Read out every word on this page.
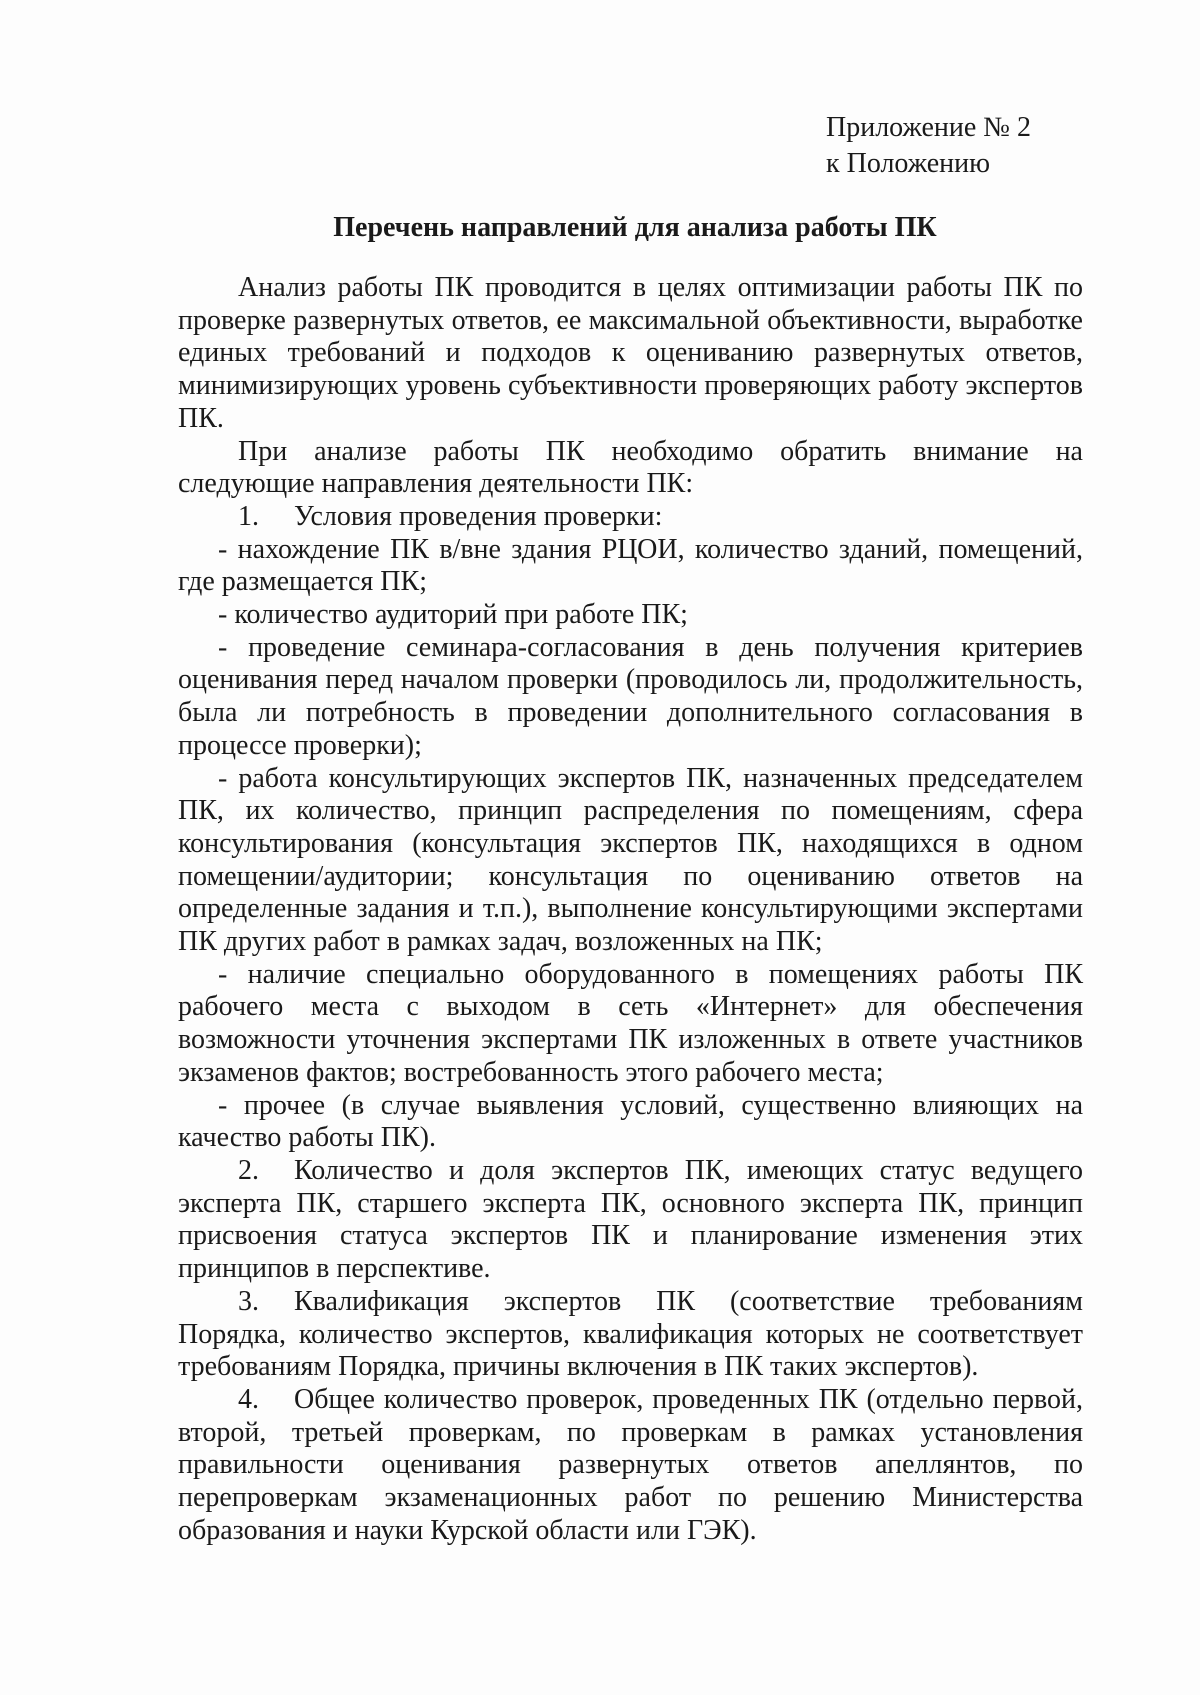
Приложение № 2
к Положению
Перечень направлений для анализа работы ПК

Анализ работы ПК проводится в целях оптимизации работы ПК по проверке развернутых ответов, ее максимальной объективности, выработке единых требований и подходов к оцениванию развернутых ответов, минимизирующих уровень субъективности проверяющих работу экспертов ПК.

При анализе работы ПК необходимо обратить внимание на следующие направления деятельности ПК:

1. Условия проведения проверки:

- нахождение ПК в/вне здания РЦОИ, количество зданий, помещений, где размещается ПК;

- количество аудиторий при работе ПК;

- проведение семинара-согласования в день получения критериев оценивания перед началом проверки (проводилось ли, продолжительность, была ли потребность в проведении дополнительного согласования в процессе проверки);

- работа консультирующих экспертов ПК, назначенных председателем ПК, их количество, принцип распределения по помещениям, сфера консультирования (консультация экспертов ПК, находящихся в одном помещении/аудитории; консультация по оцениванию ответов на определенные задания и т.п.), выполнение консультирующими экспертами ПК других работ в рамках задач, возложенных на ПК;

- наличие специально оборудованного в помещениях работы ПК рабочего места с выходом в сеть «Интернет» для обеспечения возможности уточнения экспертами ПК изложенных в ответе участников экзаменов фактов; востребованность этого рабочего места;

- прочее (в случае выявления условий, существенно влияющих на качество работы ПК).

2. Количество и доля экспертов ПК, имеющих статус ведущего эксперта ПК, старшего эксперта ПК, основного эксперта ПК, принцип присвоения статуса экспертов ПК и планирование изменения этих принципов в перспективе.

3. Квалификация экспертов ПК (соответствие требованиям Порядка, количество экспертов, квалификация которых не соответствует требованиям Порядка, причины включения в ПК таких экспертов).

4. Общее количество проверок, проведенных ПК (отдельно первой, второй, третьей проверкам, по проверкам в рамках установления правильности оценивания развернутых ответов апеллянтов, по перепроверкам экзаменационных работ по решению Министерства образования и науки Курской области или ГЭК).
